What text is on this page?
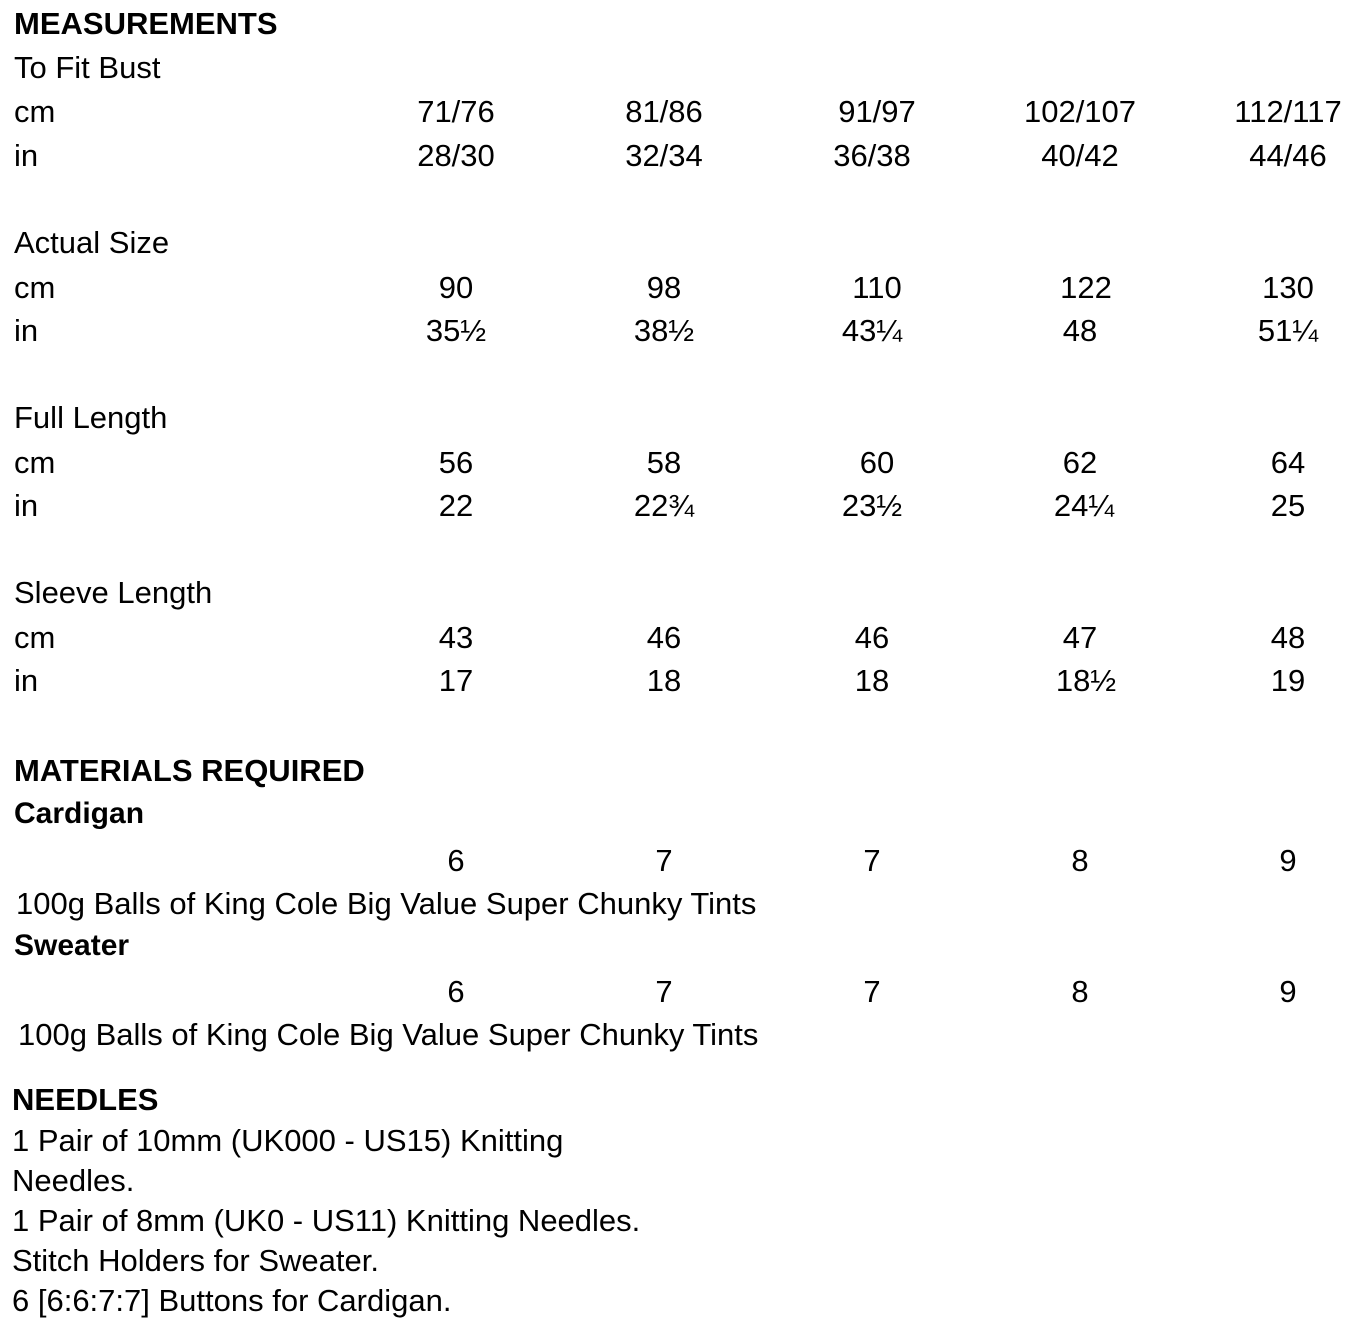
MEASUREMENTS
To Fit Bust
cm	71/76	81/86	91/97	102/107	112/117
in	28/30	32/34	36/38	40/42	44/46
Actual Size
cm	90	98	110	122	130
in	35½	38½	43¼	48	51¼
Full Length
cm	56	58	60	62	64
in	22	22¾	23½	24¼	25
Sleeve Length
cm	43	46	46	47	48
in	17	18	18	18½	19
MATERIALS REQUIRED
Cardigan
6	7	7	8	9
100g Balls of King Cole Big Value Super Chunky Tints
Sweater
6	7	7	8	9
100g Balls of King Cole Big Value Super Chunky Tints
NEEDLES
1 Pair of 10mm (UK000 - US15) Knitting
Needles.
1 Pair of 8mm (UK0 - US11) Knitting Needles.
Stitch Holders for Sweater.
6 [6:6:7:7] Buttons for Cardigan.
